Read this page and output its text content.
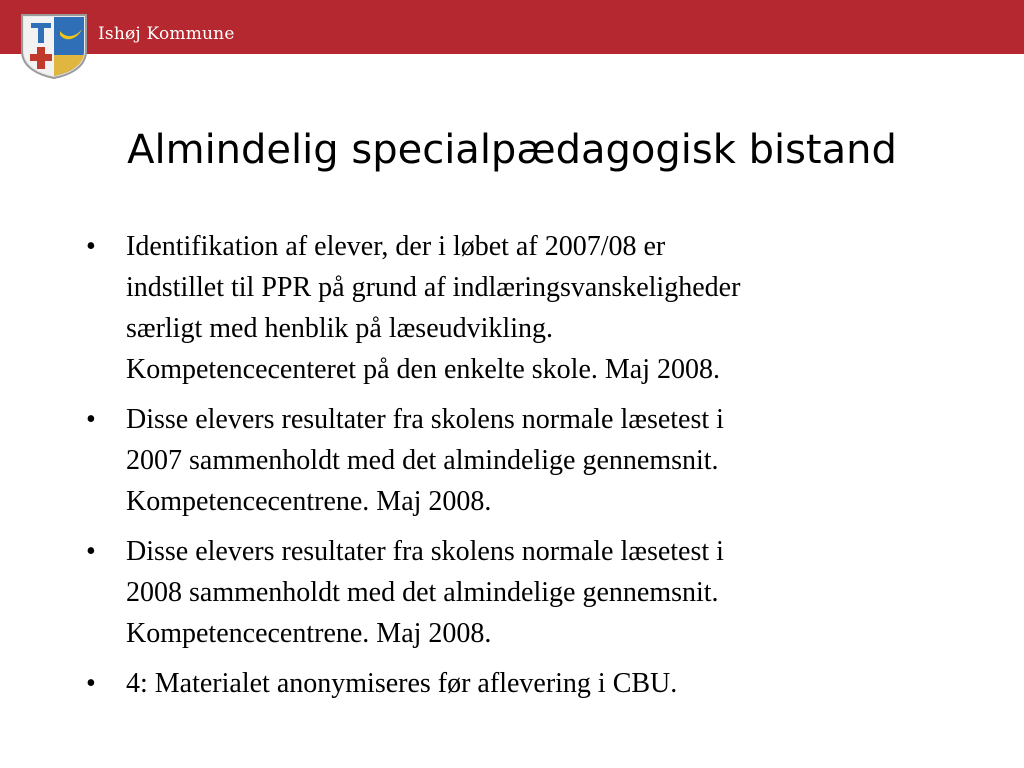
Ishøj Kommune
Almindelig specialpædagogisk bistand
•	Identifikation af elever, der i løbet af 2007/08 er
indstillet til PPR på grund af indlæringsvanskeligheder
særligt med henblik på læseudvikling.
Kompetencecenteret på den enkelte skole. Maj 2008.
•	Disse elevers resultater fra skolens normale læsetest i
2007 sammenholdt med det almindelige gennemsnit.
Kompetencecentrene. Maj 2008.
•	Disse elevers resultater fra skolens normale læsetest i
2008 sammenholdt med det almindelige gennemsnit.
Kompetencecentrene. Maj 2008.
•	4: Materialet anonymiseres før aflevering i CBU.
